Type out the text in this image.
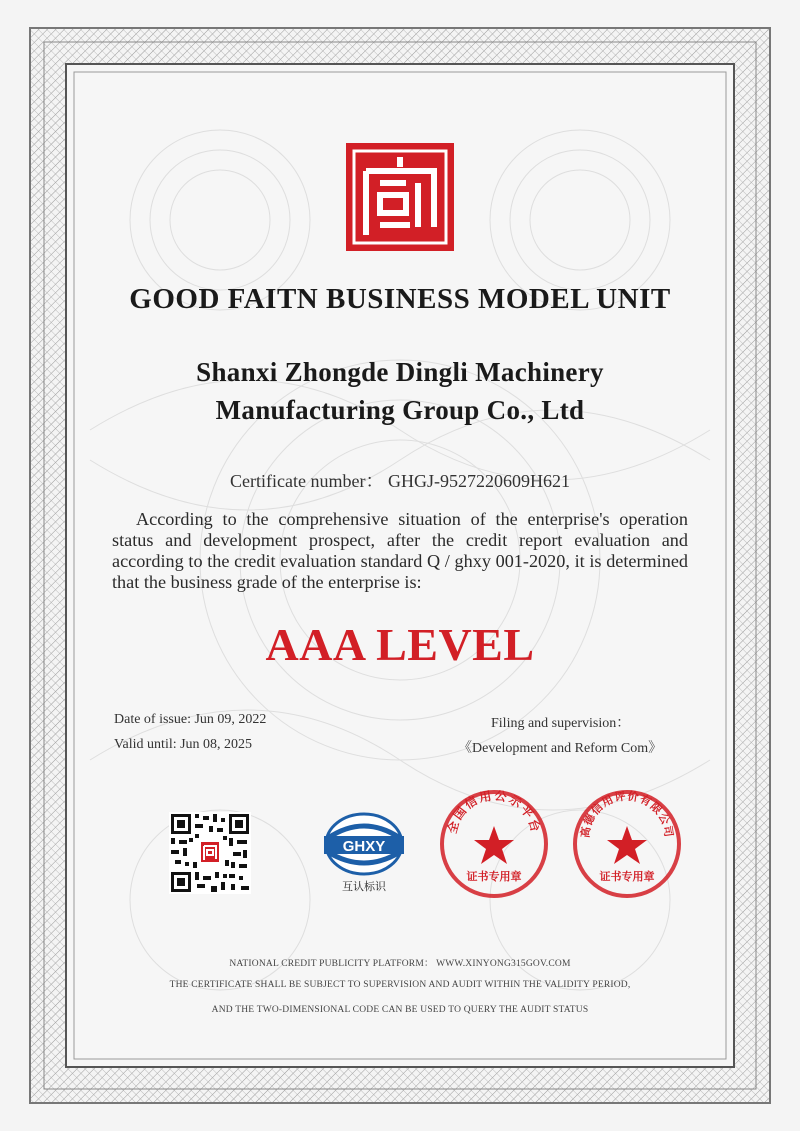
GOOD FAITN BUSINESS MODEL UNIT
Shanxi Zhongde Dingli Machinery
Manufacturing Group Co., Ltd
Certificate number： GHGJ-9527220609H621
According to the comprehensive situation of the enterprise's operation status and development prospect, after the credit report evaluation and according to the credit evaluation standard Q / ghxy 001-2020, it is determined that the business grade of the enterprise is:
AAA LEVEL
Date of issue: Jun 09, 2022
Valid until: Jun 08, 2025
Filing and supervision：
《Development and Reform Com》
GHXY
互认标识
全国信用公示平台
证书专用章
高德信用评价有限公司
证书专用章
NATIONAL CREDIT PUBLICITY PLATFORM： WWW.XINYONG315GOV.COM
THE CERTIFICATE SHALL BE SUBJECT TO SUPERVISION AND AUDIT WITHIN THE VALIDITY PERIOD,
AND THE TWO-DIMENSIONAL CODE CAN BE USED TO QUERY THE AUDIT STATUS
